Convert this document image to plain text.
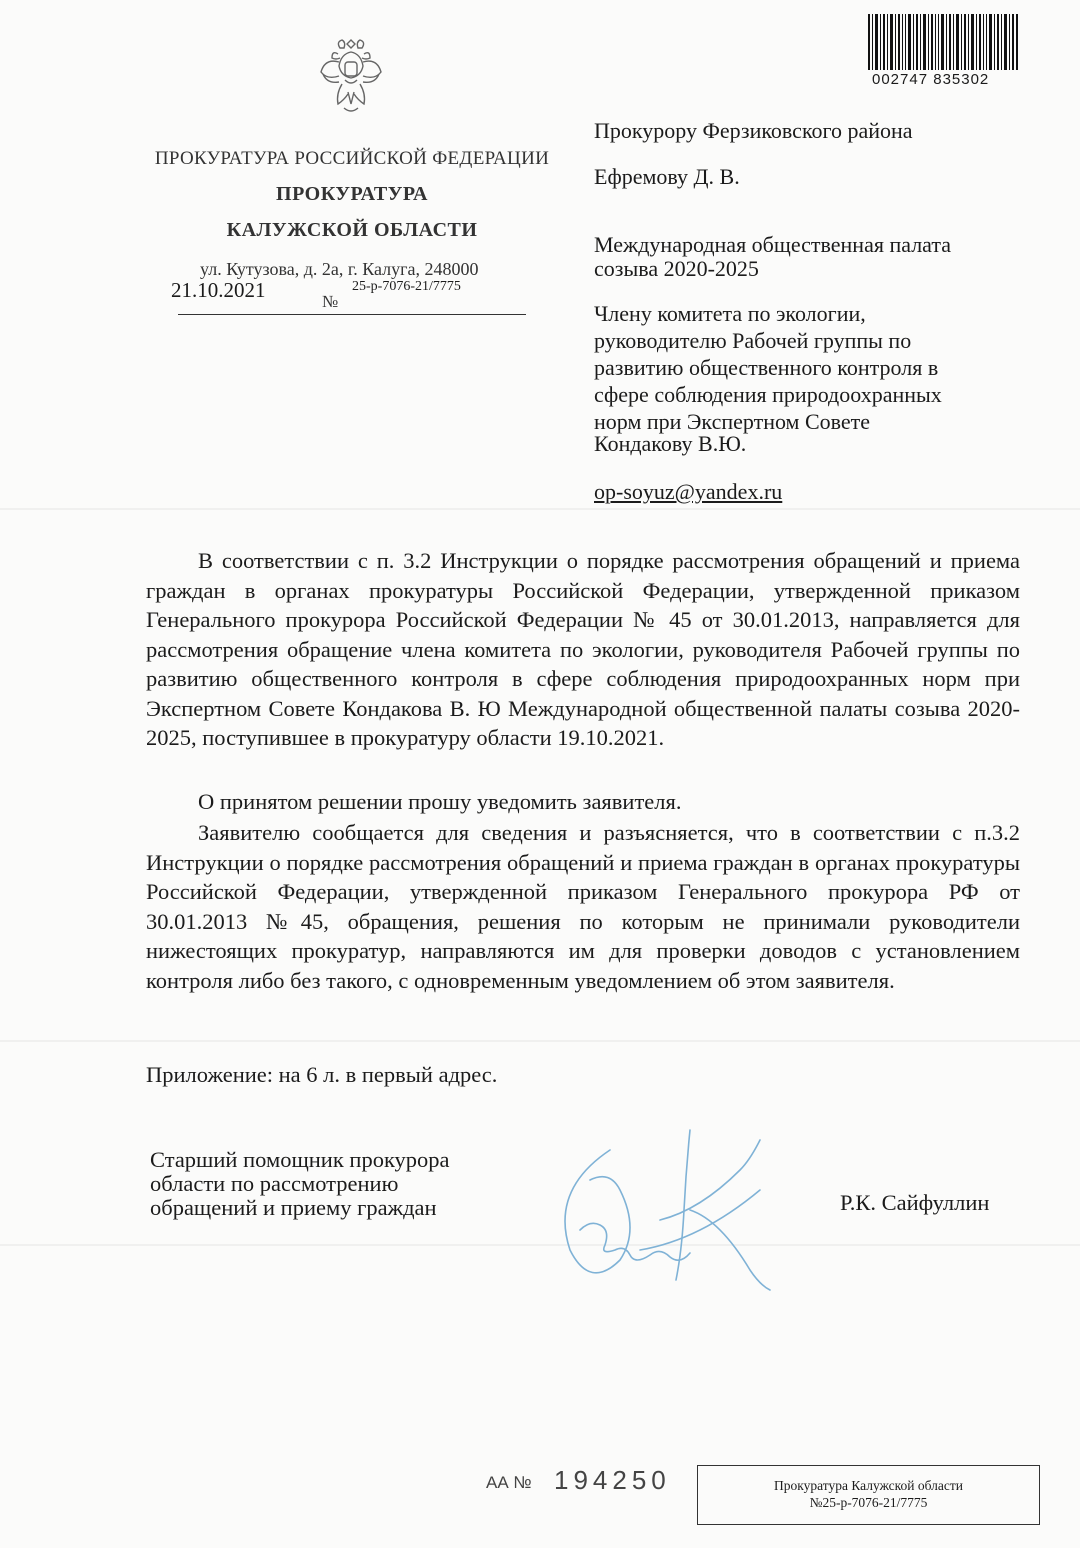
002747 835302
ПРОКУРАТУРА РОССИЙСКОЙ ФЕДЕРАЦИИ
ПРОКУРАТУРА
КАЛУЖСКОЙ ОБЛАСТИ
ул. Кутузова, д. 2а, г. Калуга, 248000
21.10.2021	№
25-р-7076-21/7775
Прокурору Ферзиковского района
Ефремову Д. В.
Международная общественная палата
созыва 2020-2025
Члену комитета по экологии,
руководителю Рабочей группы по
развитию общественного контроля в
сфере соблюдения природоохранных
норм при Экспертном Совете
Кондакову В.Ю.
op-soyuz@yandex.ru

В соответствии с п. 3.2 Инструкции о порядке рассмотрения обращений и приема граждан в органах прокуратуры Российской Федерации, утвержденной приказом Генерального прокурора Российской Федерации № 45 от 30.01.2013, направляется для рассмотрения обращение члена комитета по экологии, руководителя Рабочей группы по развитию общественного контроля в сфере соблюдения природоохранных норм при Экспертном Совете Кондакова В. Ю Международной общественной палаты созыва 2020-2025, поступившее в прокуратуру области 19.10.2021.

О принятом решении прошу уведомить заявителя.

Заявителю сообщается для сведения и разъясняется, что в соответствии с п.3.2 Инструкции о порядке рассмотрения обращений и приема граждан в органах прокуратуры Российской Федерации, утвержденной приказом Генерального прокурора РФ от 30.01.2013 №45, обращения, решения по которым не принимали руководители нижестоящих прокуратур, направляются им для проверки доводов с установлением контроля либо без такого, с одновременным уведомлением об этом заявителя.

Приложение: на 6 л. в первый адрес.
Старший помощник прокурора
области по рассмотрению
обращений и приему граждан	Р.К. Сайфуллин
АА № 194250	Прокуратура Калужской области
№25-р-7076-21/7775
